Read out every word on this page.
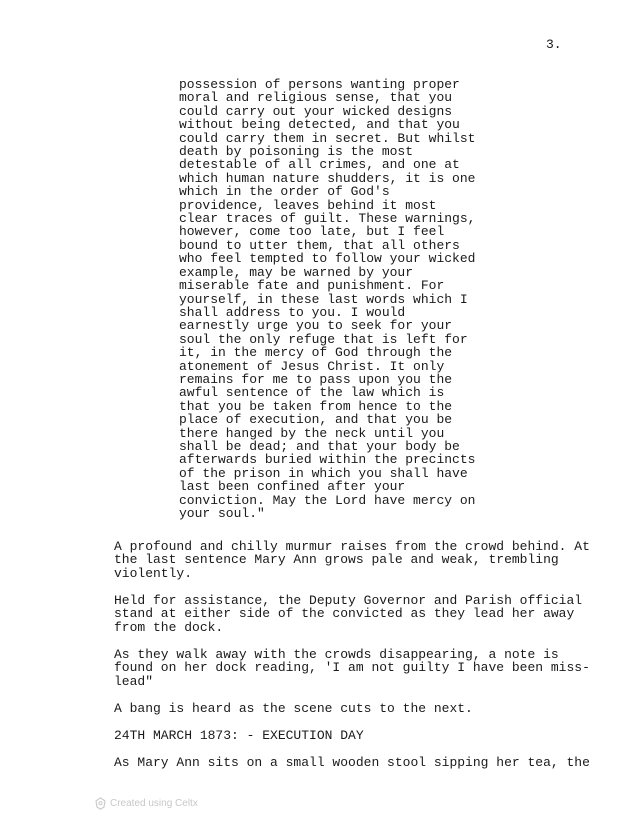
3.
possession of persons wanting proper
moral and religious sense, that you
could carry out your wicked designs
without being detected, and that you
could carry them in secret. But whilst
death by poisoning is the most
detestable of all crimes, and one at
which human nature shudders, it is one
which in the order of God's
providence, leaves behind it most
clear traces of guilt. These warnings,
however, come too late, but I feel
bound to utter them, that all others
who feel tempted to follow your wicked
example, may be warned by your
miserable fate and punishment. For
yourself, in these last words which I
shall address to you. I would
earnestly urge you to seek for your
soul the only refuge that is left for
it, in the mercy of God through the
atonement of Jesus Christ. It only
remains for me to pass upon you the
awful sentence of the law which is
that you be taken from hence to the
place of execution, and that you be
there hanged by the neck until you
shall be dead; and that your body be
afterwards buried within the precincts
of the prison in which you shall have
last been confined after your
conviction. May the Lord have mercy on
your soul."
A profound and chilly murmur raises from the crowd behind. At
the last sentence Mary Ann grows pale and weak, trembling
violently.
Held for assistance, the Deputy Governor and Parish official
stand at either side of the convicted as they lead her away
from the dock.
As they walk away with the crowds disappearing, a note is
found on her dock reading, 'I am not guilty I have been miss-
lead"
A bang is heard as the scene cuts to the next.
24TH MARCH 1873: - EXECUTION DAY
As Mary Ann sits on a small wooden stool sipping her tea, the
Created using Celtx
